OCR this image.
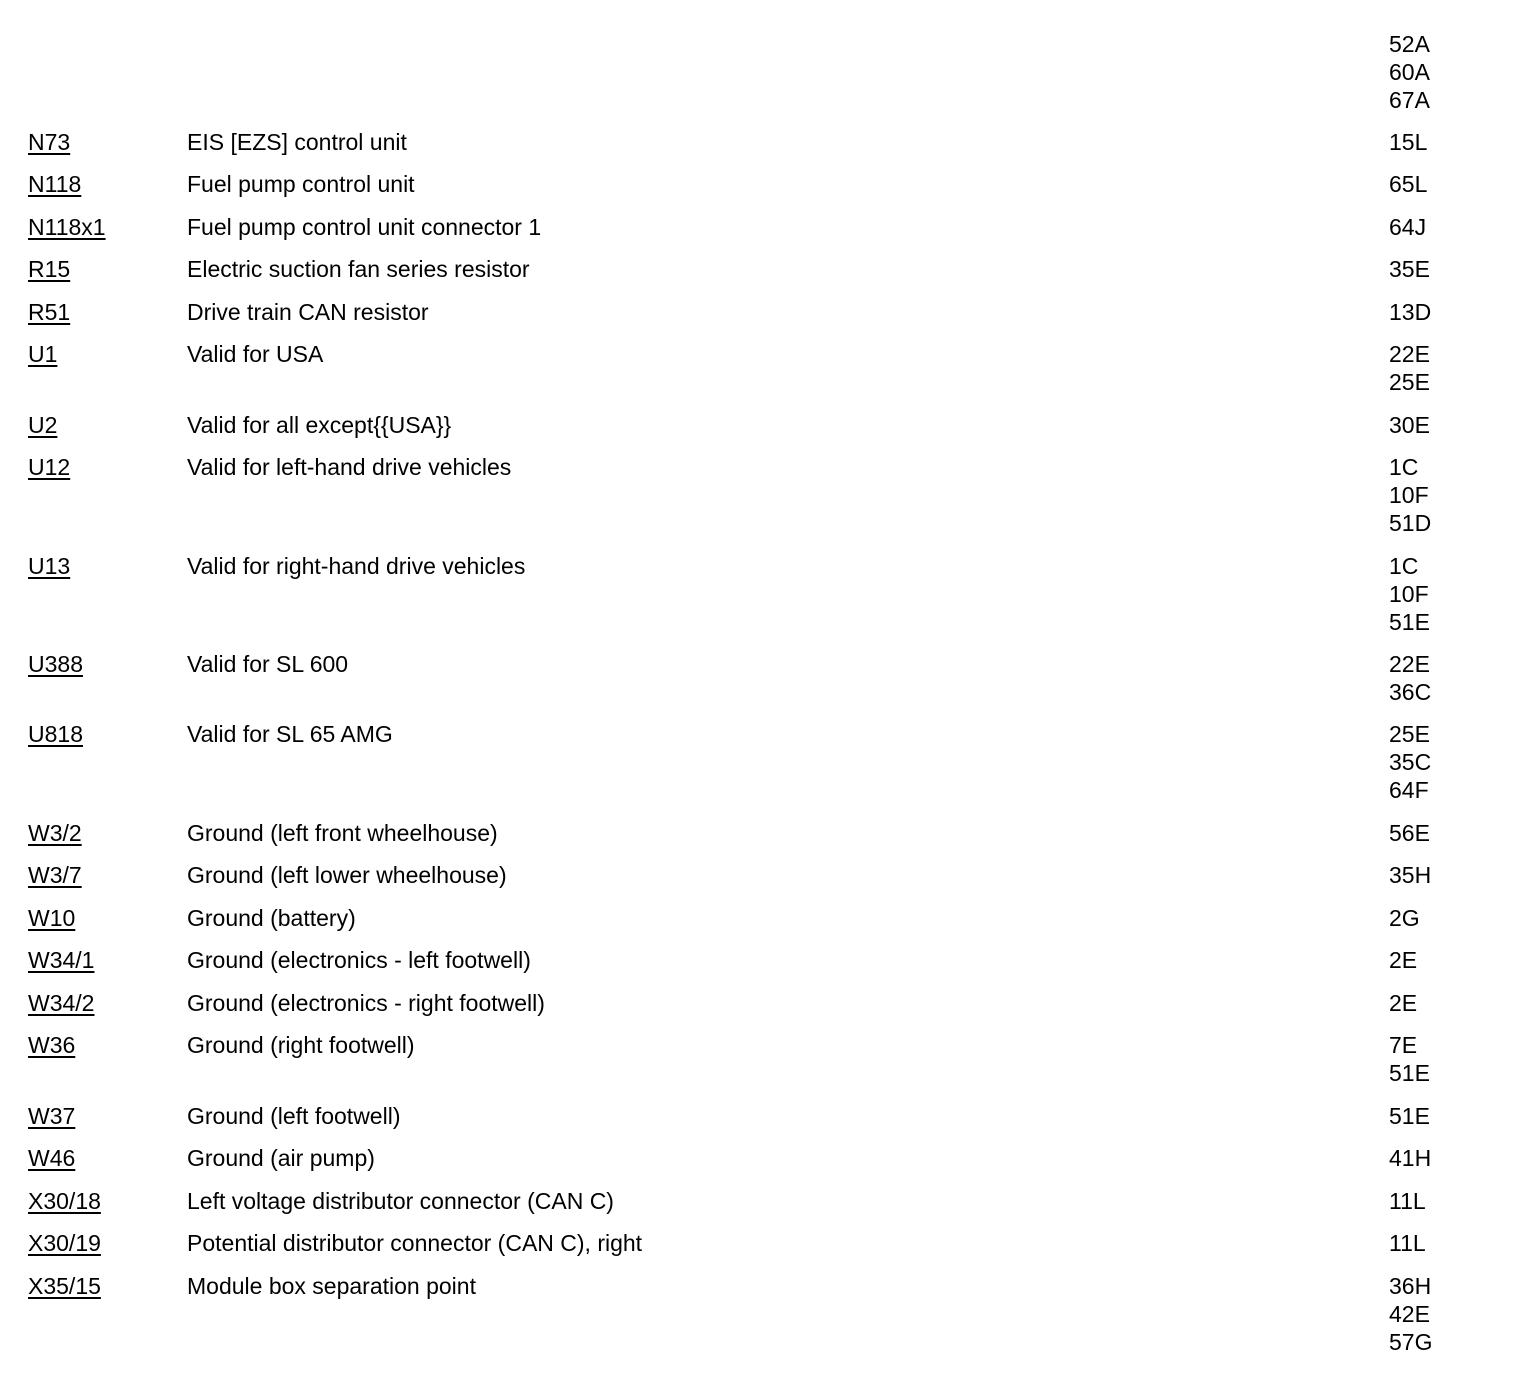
52A
60A
67A
N73	EIS [EZS] control unit	15L
N118	Fuel pump control unit	65L
N118x1	Fuel pump control unit connector 1	64J
R15	Electric suction fan series resistor	35E
R51	Drive train CAN resistor	13D
U1	Valid for USA	22E
25E
U2	Valid for all except{{USA}}	30E
U12	Valid for left-hand drive vehicles	1C
10F
51D
U13	Valid for right-hand drive vehicles	1C
10F
51E
U388	Valid for SL 600	22E
36C
U818	Valid for SL 65 AMG	25E
35C
64F
W3/2	Ground (left front wheelhouse)	56E
W3/7	Ground (left lower wheelhouse)	35H
W10	Ground (battery)	2G
W34/1	Ground (electronics - left footwell)	2E
W34/2	Ground (electronics - right footwell)	2E
W36	Ground (right footwell)	7E
51E
W37	Ground (left footwell)	51E
W46	Ground (air pump)	41H
X30/18	Left voltage distributor connector (CAN C)	11L
X30/19	Potential distributor connector (CAN C), right	11L
X35/15	Module box separation point	36H
42E
57G
